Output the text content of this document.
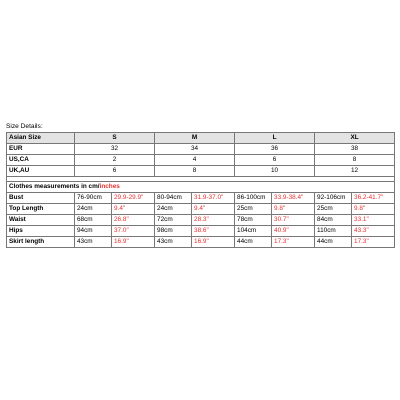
Size Details:
Asian Size	S		M		L		XL	
EUR	32		34		36		38	
US,CA	2		4		6		8	
UK,AU	6		8		10		12	

Clothes measurements in cm/inches								
Bust	76-90cm	29.9-29.9"	80-94cm	31.9-37.0"	86-100cm	33.9-38.4"	92-106cm	36.2-41.7"
Top Length	24cm	9.4"	24cm	9.4"	25cm	9.8"	25cm	9.8"
Waist	68cm	26.8"	72cm	28.3"	78cm	30.7"	84cm	33.1"
Hips	94cm	37.0"	98cm	38.6"	104cm	40.9"	110cm	43.3"
Skirt length	43cm	16.9"	43cm	16.9"	44cm	17.3"	44cm	17.3"
